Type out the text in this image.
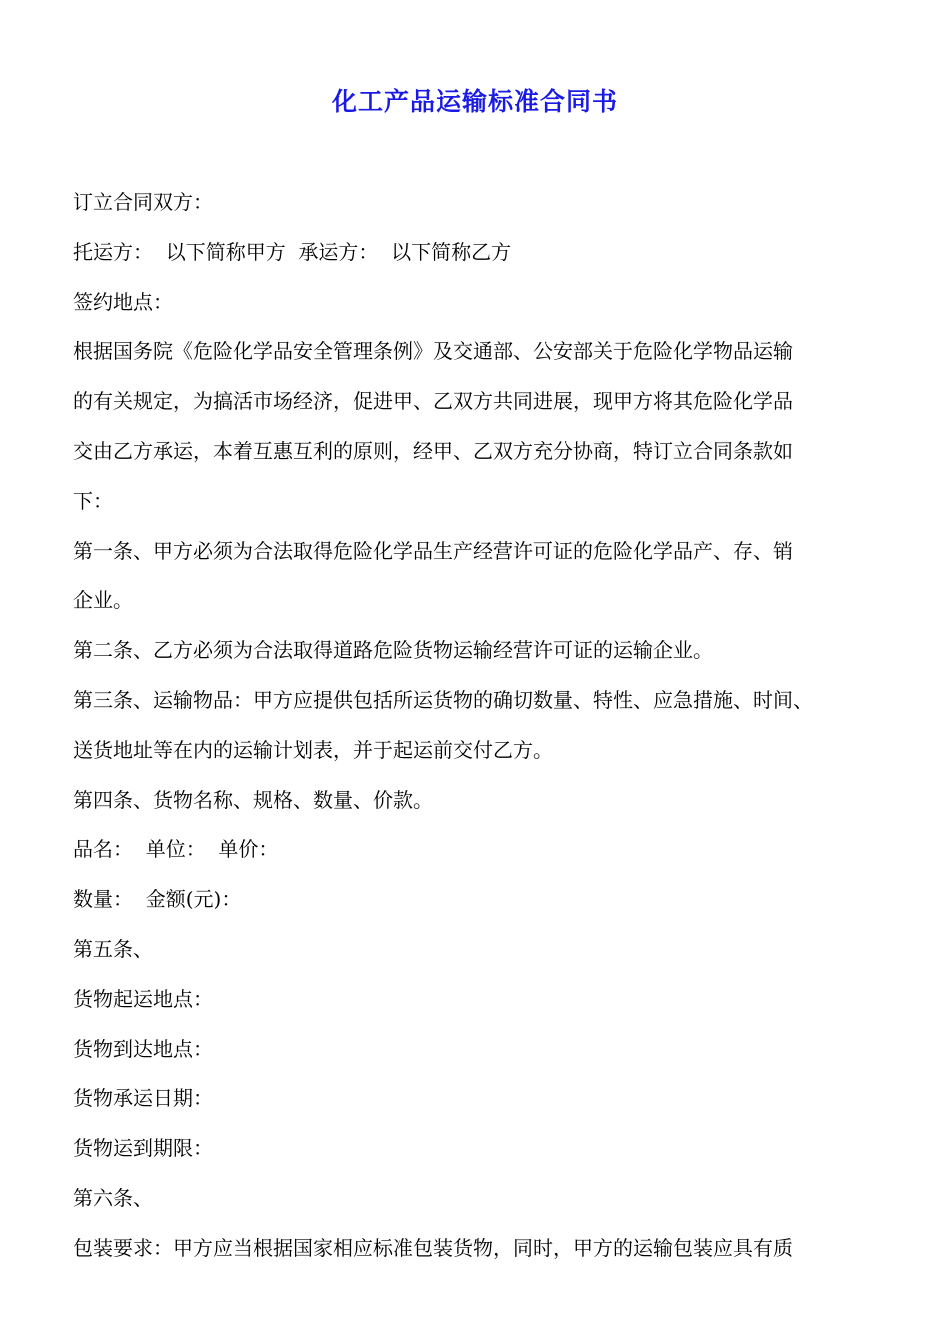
化工产品运输标准合同书
订立合同双方：
托运方：  以下简称甲方  承运方：  以下简称乙方
签约地点：
根据国务院《危险化学品安全管理条例》及交通部、公安部关于危险化学物品运输
的有关规定，为搞活市场经济，促进甲、乙双方共同进展，现甲方将其危险化学品
交由乙方承运，本着互惠互利的原则，经甲、乙双方充分协商，特订立合同条款如
下：
第一条、甲方必须为合法取得危险化学品生产经营许可证的危险化学品产、存、销
企业。
第二条、乙方必须为合法取得道路危险货物运输经营许可证的运输企业。
第三条、运输物品：甲方应提供包括所运货物的确切数量、特性、应急措施、时间、
送货地址等在内的运输计划表，并于起运前交付乙方。
第四条、货物名称、规格、数量、价款。
品名：  单位：  单价：
数量：  金额(元)：
第五条、
货物起运地点：
货物到达地点：
货物承运日期：
货物运到期限：
第六条、
包装要求：甲方应当根据国家相应标准包装货物，同时，甲方的运输包装应具有质
